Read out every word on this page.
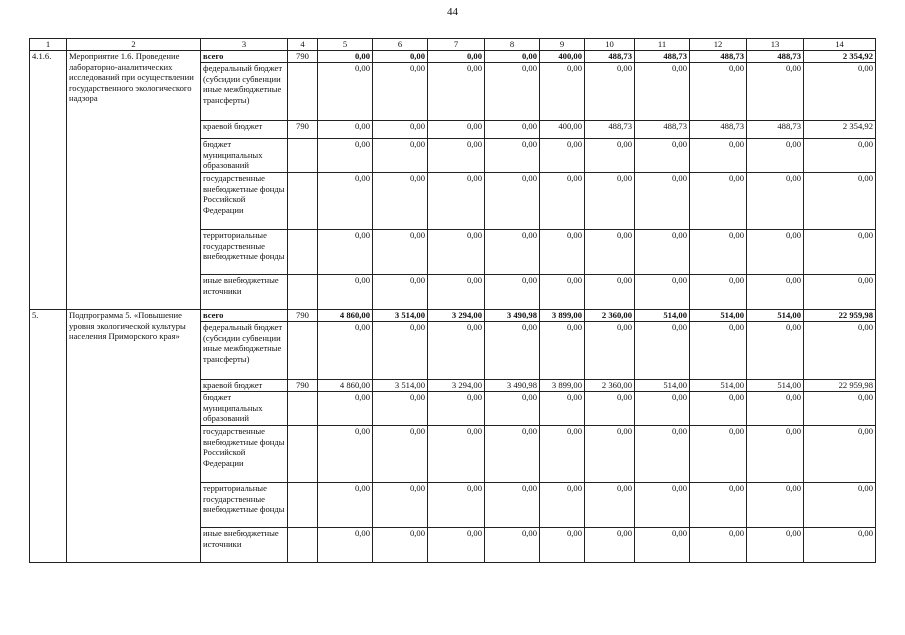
44
1	2	3	4	5	6	7	8	9	10	11	12	13	14
4.1.6.	Мероприятие 1.6. Проведение лабораторно-аналитических исследований при осуществлении государственного экологического надзора	всего	790	0,00	0,00	0,00	0,00	400,00	488,73	488,73	488,73	488,73	2 354,92
		федеральный бюджет (субсидии субвенции иные межбюджетные трансферты)		0,00	0,00	0,00	0,00	0,00	0,00	0,00	0,00	0,00	0,00
		краевой бюджет	790	0,00	0,00	0,00	0,00	400,00	488,73	488,73	488,73	488,73	2 354,92
		бюджет муниципальных образований		0,00	0,00	0,00	0,00	0,00	0,00	0,00	0,00	0,00	0,00
		государственные внебюджетные фонды Российской Федерации		0,00	0,00	0,00	0,00	0,00	0,00	0,00	0,00	0,00	0,00
		территориальные государственные внебюджетные фонды		0,00	0,00	0,00	0,00	0,00	0,00	0,00	0,00	0,00	0,00
		иные внебюджетные источники		0,00	0,00	0,00	0,00	0,00	0,00	0,00	0,00	0,00	0,00
5.	Подпрограмма 5. «Повышение уровня экологической культуры населения Приморского края»	всего	790	4 860,00	3 514,00	3 294,00	3 490,98	3 899,00	2 360,00	514,00	514,00	514,00	22 959,98
		федеральный бюджет (субсидии субвенции иные межбюджетные трансферты)		0,00	0,00	0,00	0,00	0,00	0,00	0,00	0,00	0,00	0,00
		краевой бюджет	790	4 860,00	3 514,00	3 294,00	3 490,98	3 899,00	2 360,00	514,00	514,00	514,00	22 959,98
		бюджет муниципальных образований		0,00	0,00	0,00	0,00	0,00	0,00	0,00	0,00	0,00	0,00
		государственные внебюджетные фонды Российской Федерации		0,00	0,00	0,00	0,00	0,00	0,00	0,00	0,00	0,00	0,00
		территориальные государственные внебюджетные фонды		0,00	0,00	0,00	0,00	0,00	0,00	0,00	0,00	0,00	0,00
		иные внебюджетные источники		0,00	0,00	0,00	0,00	0,00	0,00	0,00	0,00	0,00	0,00
